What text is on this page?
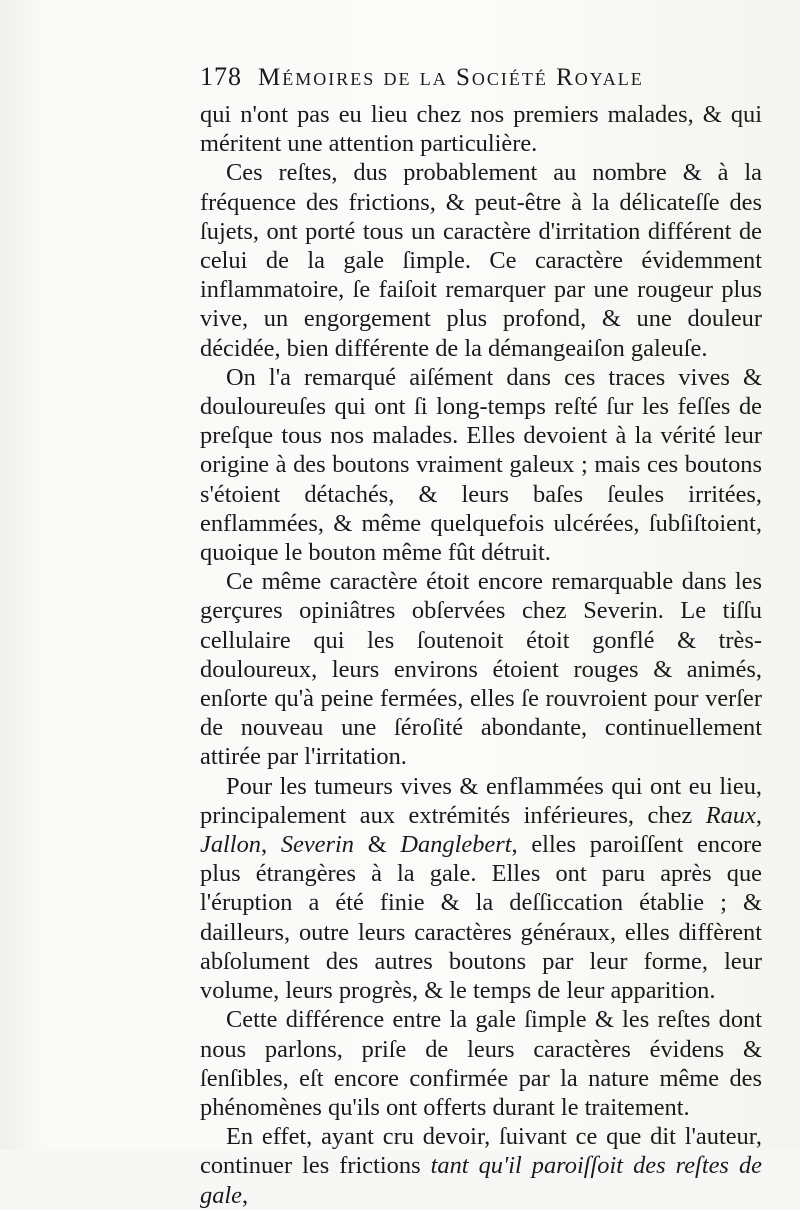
178 Mémoires de la Société Royale

qui n'ont pas eu lieu chez nos premiers malades, & qui méritent une attention particulière.

Ces reſtes, dus probablement au nombre & à la fréquence des frictions, & peut-être à la délicateſſe des ſujets, ont porté tous un caractère d'irritation différent de celui de la gale ſimple. Ce caractère évidemment inflammatoire, ſe faiſoit remarquer par une rougeur plus vive, un engorgement plus profond, & une douleur décidée, bien différente de la démangeaiſon galeuſe.

On l'a remarqué aiſément dans ces traces vives & douloureuſes qui ont ſi long-temps reſté ſur les feſſes de preſque tous nos malades. Elles devoient à la vérité leur origine à des boutons vraiment galeux ; mais ces boutons s'étoient détachés, & leurs baſes ſeules irritées, enflammées, & même quelquefois ulcérées, ſubſiſtoient, quoique le bouton même fût détruit.

Ce même caractère étoit encore remarquable dans les gerçures opiniâtres obſervées chez Severin. Le tiſſu cellulaire qui les ſoutenoit étoit gonflé & très-douloureux, leurs environs étoient rouges & animés, enſorte qu'à peine fermées, elles ſe rouvroient pour verſer de nouveau une ſéroſité abondante, continuellement attirée par l'irritation.

Pour les tumeurs vives & enflammées qui ont eu lieu, principalement aux extrémités inférieures, chez Raux, Jallon, Severin & Danglebert, elles paroiſſent encore plus étrangères à la gale. Elles ont paru après que l'éruption a été finie & la deſſiccation établie ; & dailleurs, outre leurs caractères généraux, elles diffèrent abſolument des autres boutons par leur forme, leur volume, leurs progrès, & le temps de leur apparition.

Cette différence entre la gale ſimple & les reſtes dont nous parlons, priſe de leurs caractères évidens & ſenſibles, eſt encore confirmée par la nature même des phénomènes qu'ils ont offerts durant le traitement.

En effet, ayant cru devoir, ſuivant ce que dit l'auteur, continuer les frictions tant qu'il paroiſſoit des reſtes de gale,
